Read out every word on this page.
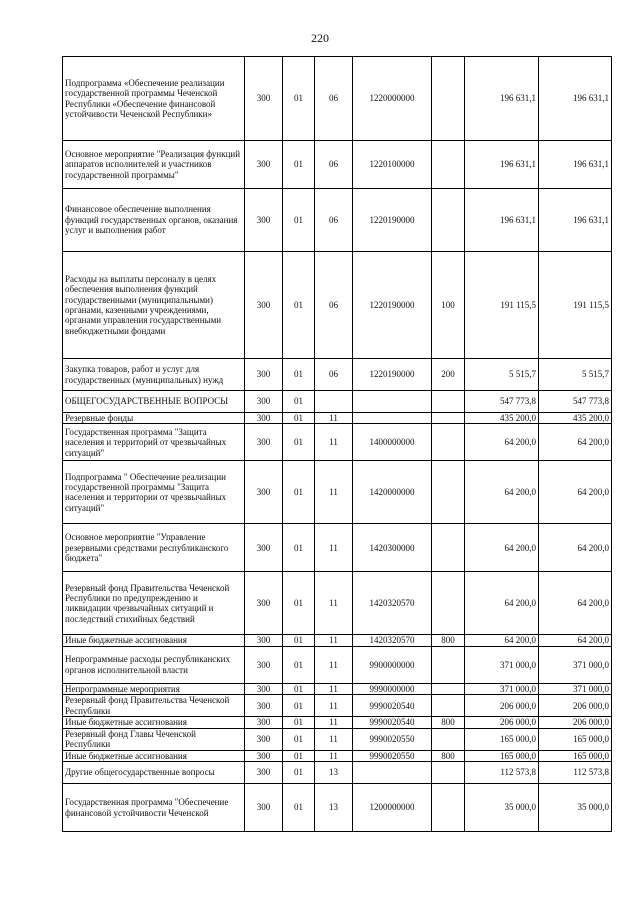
220
Подпрограмма «Обеспечение реализации государственной программы Чеченской Республики «Обеспечение финансовой устойчивости Чеченской Республики»	300	01	06	1220000000		196 631,1	196 631,1
Основное мероприятие "Реализация функций аппаратов исполнителей и участников государственной программы"	300	01	06	1220100000		196 631,1	196 631,1
Финансовое обеспечение выполнения функций государственных органов, оказания услуг и выполнения работ	300	01	06	1220190000		196 631,1	196 631,1
Расходы на выплаты персоналу в целях обеспечения выполнения функций государственными (муниципальными) органами, казенными учреждениями, органами управления государственными внебюджетными фондами	300	01	06	1220190000	100	191 115,5	191 115,5
Закупка товаров, работ и услуг для государственных (муниципальных) нужд	300	01	06	1220190000	200	5 515,7	5 515,7
ОБЩЕГОСУДАРСТВЕННЫЕ ВОПРОСЫ	300	01				547 773,8	547 773,8
Резервные фонды	300	01	11			435 200,0	435 200,0
Государственная программа "Защита населения и территорий от чрезвычайных ситуаций"	300	01	11	1400000000		64 200,0	64 200,0
Подпрограмма " Обеспечение реализации государственной программы "Защита населения и территории от чрезвычайных ситуаций"	300	01	11	1420000000		64 200,0	64 200,0
Основное мероприятие "Управление резервными средствами республиканского бюджета"	300	01	11	1420300000		64 200,0	64 200,0
Резервный фонд Правительства Чеченской Республики по предупреждению и ликвидации чрезвычайных ситуаций и последствий стихийных бедствий	300	01	11	1420320570		64 200,0	64 200,0
Иные бюджетные ассигнования	300	01	11	1420320570	800	64 200,0	64 200,0
Непрограммные расходы республиканских органов исполнительной власти	300	01	11	9900000000		371 000,0	371 000,0
Непрограммные мероприятия	300	01	11	9990000000		371 000,0	371 000,0
Резервный фонд Правительства Чеченской Республики	300	01	11	9990020540		206 000,0	206 000,0
Иные бюджетные ассигнования	300	01	11	9990020540	800	206 000,0	206 000,0
Резервный фонд Главы Чеченской Республики	300	01	11	9990020550		165 000,0	165 000,0
Иные бюджетные ассигнования	300	01	11	9990020550	800	165 000,0	165 000,0
Другие общегосударственные вопросы	300	01	13			112 573,8	112 573,8
Государственная программа "Обеспечение финансовой устойчивости Чеченской	300	01	13	1200000000		35 000,0	35 000,0
